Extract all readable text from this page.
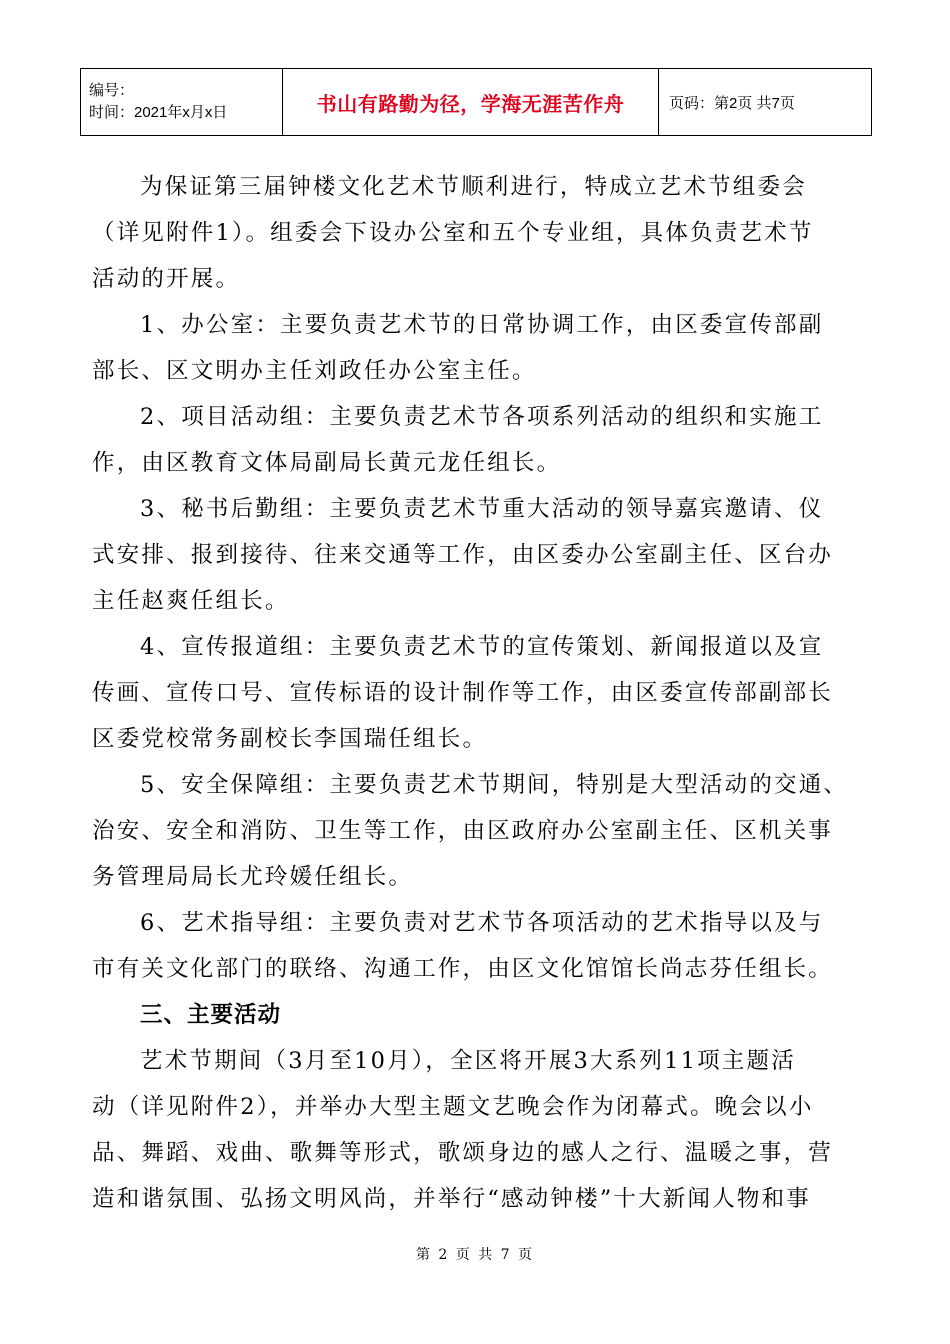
编号：
时间：2021年x月x日	书山有路勤为径，学海无涯苦作舟	页码：第2页 共7页

为保证第三届钟楼文化艺术节顺利进行，特成立艺术节组委会
（详见附件1）。组委会下设办公室和五个专业组，具体负责艺术节
活动的开展。

1、办公室：主要负责艺术节的日常协调工作，由区委宣传部副
部长、区文明办主任刘政任办公室主任。

2、项目活动组：主要负责艺术节各项系列活动的组织和实施工
作，由区教育文体局副局长黄元龙任组长。

3、秘书后勤组：主要负责艺术节重大活动的领导嘉宾邀请、仪
式安排、报到接待、往来交通等工作，由区委办公室副主任、区台办
主任赵爽任组长。

4、宣传报道组：主要负责艺术节的宣传策划、新闻报道以及宣
传画、宣传口号、宣传标语的设计制作等工作，由区委宣传部副部长
区委党校常务副校长李国瑞任组长。

5、安全保障组：主要负责艺术节期间，特别是大型活动的交通、
治安、安全和消防、卫生等工作，由区政府办公室副主任、区机关事
务管理局局长尤玲媛任组长。

6、艺术指导组：主要负责对艺术节各项活动的艺术指导以及与
市有关文化部门的联络、沟通工作，由区文化馆馆长尚志芬任组长。

三、主要活动

艺术节期间（3月至10月），全区将开展3大系列11项主题活
动（详见附件2），并举办大型主题文艺晚会作为闭幕式。晚会以小
品、舞蹈、戏曲、歌舞等形式，歌颂身边的感人之行、温暖之事，营
造和谐氛围、弘扬文明风尚，并举行“感动钟楼”十大新闻人物和事

第 2 页 共 7 页
